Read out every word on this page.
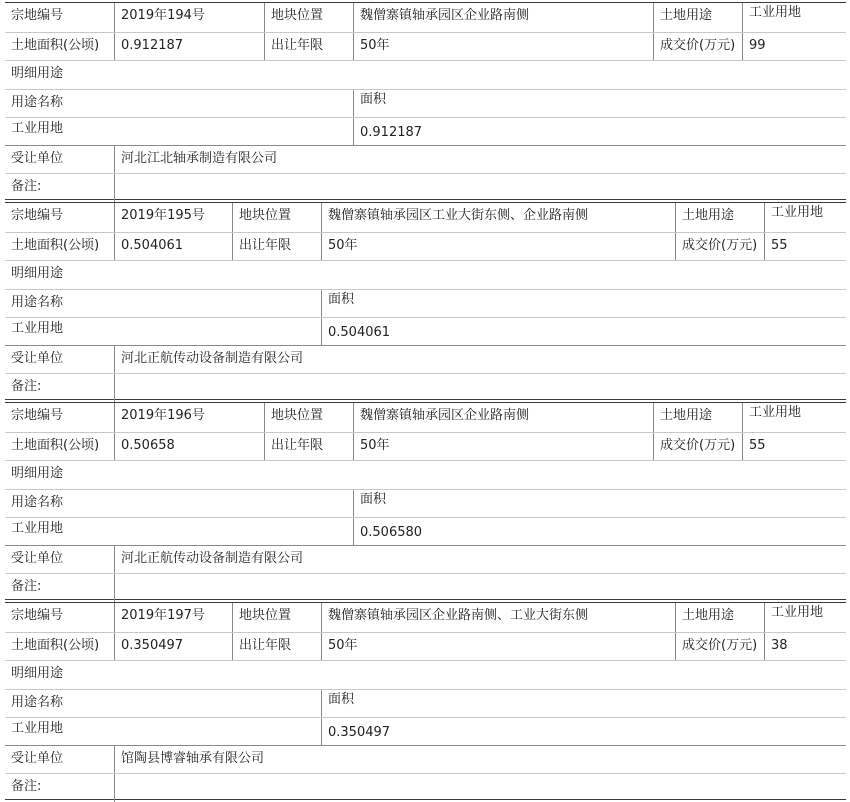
宗地编号	2019年194号	地块位置	魏僧寨镇轴承园区企业路南侧	土地用途	工业用地
土地面积(公顷)	0.912187	出让年限	50年	成交价(万元)	99
明细用途
用途名称	面积
工业用地	0.912187
受让单位	河北江北轴承制造有限公司
备注:
宗地编号	2019年195号	地块位置	魏僧寨镇轴承园区工业大街东侧、企业路南侧	土地用途	工业用地
土地面积(公顷)	0.504061	出让年限	50年	成交价(万元)	55
明细用途
用途名称	面积
工业用地	0.504061
受让单位	河北正航传动设备制造有限公司
备注:
宗地编号	2019年196号	地块位置	魏僧寨镇轴承园区企业路南侧	土地用途	工业用地
土地面积(公顷)	0.50658	出让年限	50年	成交价(万元)	55
明细用途
用途名称	面积
工业用地	0.506580
受让单位	河北正航传动设备制造有限公司
备注:
宗地编号	2019年197号	地块位置	魏僧寨镇轴承园区企业路南侧、工业大街东侧	土地用途	工业用地
土地面积(公顷)	0.350497	出让年限	50年	成交价(万元)	38
明细用途
用途名称	面积
工业用地	0.350497
受让单位	馆陶县博睿轴承有限公司
备注:
